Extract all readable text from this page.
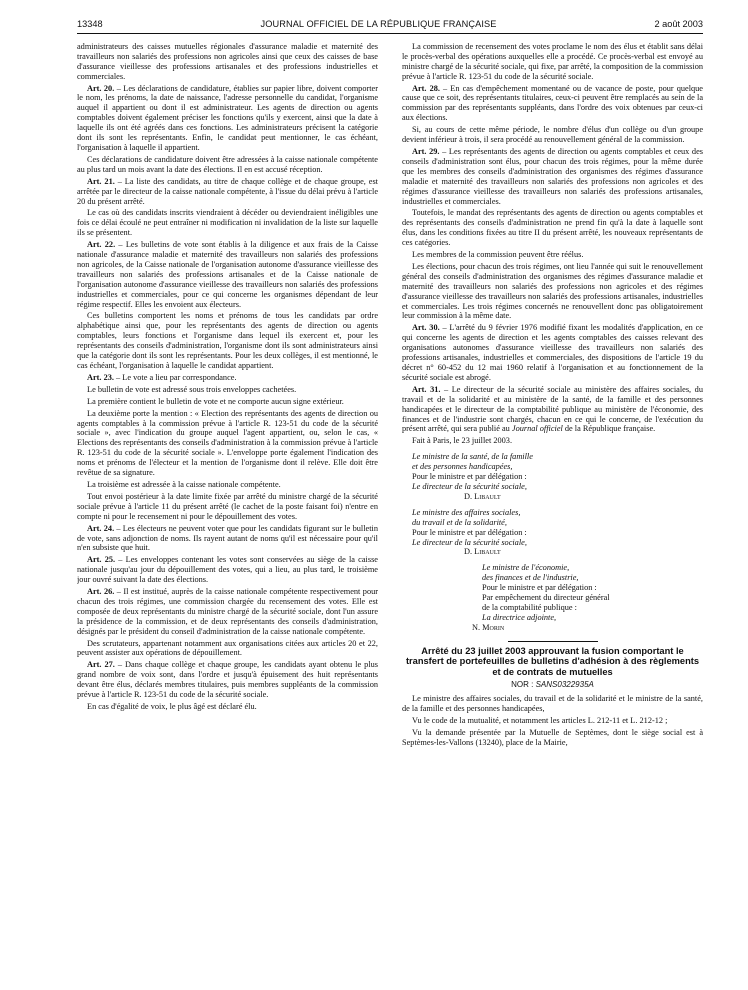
13348	JOURNAL OFFICIEL DE LA RÉPUBLIQUE FRANÇAISE	2 août 2003

administrateurs des caisses mutuelles régionales d'assurance maladie et maternité des travailleurs non salariés des professions non agricoles ainsi que ceux des caisses de base d'assurance vieillesse des professions artisanales et des professions industrielles et commerciales.

Art. 20. – Les déclarations de candidature, établies sur papier libre, doivent comporter le nom, les prénoms, la date de naissance, l'adresse personnelle du candidat, l'organisme auquel il appartient ou dont il est administrateur. Les agents de direction ou agents comptables doivent également préciser les fonctions qu'ils y exercent, ainsi que la date à laquelle ils ont été agréés dans ces fonctions. Les administrateurs précisent la catégorie dont ils sont les représentants. Enfin, le candidat peut mentionner, le cas échéant, l'organisation à laquelle il appartient.

Ces déclarations de candidature doivent être adressées à la caisse nationale compétente au plus tard un mois avant la date des élections. Il en est accusé réception.

Art. 21. – La liste des candidats, au titre de chaque collège et de chaque groupe, est arrêtée par le directeur de la caisse nationale compétente, à l'issue du délai prévu à l'article 20 du présent arrêté.

Le cas où des candidats inscrits viendraient à décéder ou deviendraient inéligibles une fois ce délai écoulé ne peut entraîner ni modification ni invalidation de la liste sur laquelle ils se présentent.

Art. 22. – Les bulletins de vote sont établis à la diligence et aux frais de la Caisse nationale d'assurance maladie et maternité des travailleurs non salariés des professions non agricoles, de la Caisse nationale de l'organisation autonome d'assurance vieillesse des travailleurs non salariés des professions artisanales et de la Caisse nationale de l'organisation autonome d'assurance vieillesse des travailleurs non salariés des professions industrielles et commerciales, pour ce qui concerne les organismes dépendant de leur régime respectif. Elles les envoient aux électeurs.

Ces bulletins comportent les noms et prénoms de tous les candidats par ordre alphabétique ainsi que, pour les représentants des agents de direction ou agents comptables, leurs fonctions et l'organisme dans lequel ils exercent et, pour les représentants des conseils d'administration, l'organisme dont ils sont administrateurs ainsi que la catégorie dont ils sont les représentants. Pour les deux collèges, il est mentionné, le cas échéant, l'organisation à laquelle le candidat appartient.

Art. 23. – Le vote a lieu par correspondance.

Le bulletin de vote est adressé sous trois enveloppes cachetées.

La première contient le bulletin de vote et ne comporte aucun signe extérieur.

La deuxième porte la mention : « Election des représentants des agents de direction ou agents comptables à la commission prévue à l'article R. 123-51 du code de la sécurité sociale », avec l'indication du groupe auquel l'agent appartient, ou, selon le cas, « Elections des représentants des conseils d'administration à la commission prévue à l'article R. 123-51 du code de la sécurité sociale ». L'enveloppe porte également l'indication des noms et prénoms de l'électeur et la mention de l'organisme dont il relève. Elle doit être revêtue de sa signature.

La troisième est adressée à la caisse nationale compétente.

Tout envoi postérieur à la date limite fixée par arrêté du ministre chargé de la sécurité sociale prévue à l'article 11 du présent arrêté (le cachet de la poste faisant foi) n'entre en compte ni pour le recensement ni pour le dépouillement des votes.

Art. 24. – Les électeurs ne peuvent voter que pour les candidats figurant sur le bulletin de vote, sans adjonction de noms. Ils rayent autant de noms qu'il est nécessaire pour qu'il n'en subsiste que huit.

Art. 25. – Les enveloppes contenant les votes sont conservées au siège de la caisse nationale jusqu'au jour du dépouillement des votes, qui a lieu, au plus tard, le troisième jour ouvré suivant la date des élections.

Art. 26. – Il est institué, auprès de la caisse nationale compétente respectivement pour chacun des trois régimes, une commission chargée du recensement des votes. Elle est composée de deux représentants du ministre chargé de la sécurité sociale, dont l'un assure la présidence de la commission, et de deux représentants des conseils d'administration, désignés par le président du conseil d'administration de la caisse nationale compétente.

Des scrutateurs, appartenant notamment aux organisations citées aux articles 20 et 22, peuvent assister aux opérations de dépouillement.

Art. 27. – Dans chaque collège et chaque groupe, les candidats ayant obtenu le plus grand nombre de voix sont, dans l'ordre et jusqu'à épuisement des huit représentants devant être élus, déclarés membres titulaires, puis membres suppléants de la commission prévue à l'article R. 123-51 du code de la sécurité sociale.

En cas d'égalité de voix, le plus âgé est déclaré élu.

La commission de recensement des votes proclame le nom des élus et établit sans délai le procès-verbal des opérations auxquelles elle a procédé. Ce procès-verbal est envoyé au ministre chargé de la sécurité sociale, qui fixe, par arrêté, la composition de la commission prévue à l'article R. 123-51 du code de la sécurité sociale.

Art. 28. – En cas d'empêchement momentané ou de vacance de poste, pour quelque cause que ce soit, des représentants titulaires, ceux-ci peuvent être remplacés au sein de la commission par des représentants suppléants, dans l'ordre des voix obtenues par ceux-ci aux élections.

Si, au cours de cette même période, le nombre d'élus d'un collège ou d'un groupe devient inférieur à trois, il sera procédé au renouvellement général de la commission.

Art. 29. – Les représentants des agents de direction ou agents comptables et ceux des conseils d'administration sont élus, pour chacun des trois régimes, pour la même durée que les membres des conseils d'administration des organismes des régimes d'assurance maladie et maternité des travailleurs non salariés des professions non agricoles et des régimes d'assurance vieillesse des travailleurs non salariés des professions artisanales, industrielles et commerciales.

Toutefois, le mandat des représentants des agents de direction ou agents comptables et des représentants des conseils d'administration ne prend fin qu'à la date à laquelle sont élus, dans les conditions fixées au titre II du présent arrêté, les nouveaux représentants de ces catégories.

Les membres de la commission peuvent être réélus.

Les élections, pour chacun des trois régimes, ont lieu l'année qui suit le renouvellement général des conseils d'administration des organismes des régimes d'assurance maladie et maternité des travailleurs non salariés des professions non agricoles et des régimes d'assurance vieillesse des travailleurs non salariés des professions artisanales, industrielles et commerciales. Les trois régimes concernés ne renouvellent donc pas obligatoirement leur commission à la même date.

Art. 30. – L'arrêté du 9 février 1976 modifié fixant les modalités d'application, en ce qui concerne les agents de direction et les agents comptables des caisses relevant des organisations autonomes d'assurance vieillesse des travailleurs non salariés des professions artisanales, industrielles et commerciales, des dispositions de l'article 19 du décret n° 60-452 du 12 mai 1960 relatif à l'organisation et au fonctionnement de la sécurité sociale est abrogé.

Art. 31. – Le directeur de la sécurité sociale au ministère des affaires sociales, du travail et de la solidarité et au ministère de la santé, de la famille et des personnes handicapées et le directeur de la comptabilité publique au ministère de l'économie, des finances et de l'industrie sont chargés, chacun en ce qui le concerne, de l'exécution du présent arrêté, qui sera publié au Journal officiel de la République française.

Fait à Paris, le 23 juillet 2003.

Le ministre de la santé, de la famille

et des personnes handicapées,

Pour le ministre et par délégation :

Le directeur de la sécurité sociale,

D. Libault

Le ministre des affaires sociales,

du travail et de la solidarité,

Pour le ministre et par délégation :

Le directeur de la sécurité sociale,

D. Libault

Le ministre de l'économie,

des finances et de l'industrie,

Pour le ministre et par délégation :

Par empêchement du directeur général

de la comptabilité publique :

La directrice adjointe,

N. Morin

Arrêté du 23 juillet 2003 approuvant la fusion comportant le transfert de portefeuilles de bulletins d'adhésion à des règlements et de contrats de mutuelles
NOR : SANS0322935A

Le ministre des affaires sociales, du travail et de la solidarité et le ministre de la santé, de la famille et des personnes handicapées,

Vu le code de la mutualité, et notamment les articles L. 212-11 et L. 212-12 ;

Vu la demande présentée par la Mutuelle de Septèmes, dont le siège social est à Septèmes-les-Vallons (13240), place de la Mairie,
